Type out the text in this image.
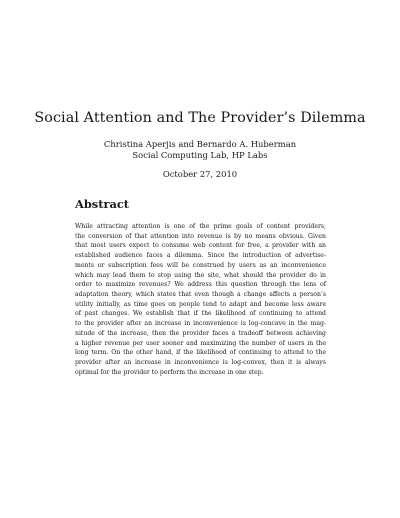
Social Attention and The Provider’s Dilemma
Christina Aperjis and Bernardo A. Huberman
Social Computing Lab, HP Labs
October 27, 2010
Abstract
While attracting attention is one of the prime goals of content providers,
the conversion of that attention into revenue is by no means obvious. Given
that most users expect to consume web content for free, a provider with an
established audience faces a dilemma. Since the introduction of advertise-
ments or subscription fees will be construed by users as an inconvenience
which may lead them to stop using the site, what should the provider do in
order to maximize revenues? We address this question through the lens of
adaptation theory, which states that even though a change affects a person’s
utility initially, as time goes on people tend to adapt and become less aware
of past changes. We establish that if the likelihood of continuing to attend
to the provider after an increase in inconvenience is log-concave in the mag-
nitude of the increase, then the provider faces a tradeoff between achieving
a higher revenue per user sooner and maximizing the number of users in the
long term. On the other hand, if the likelihood of continuing to attend to the
provider after an increase in inconvenience is log-convex, then it is always
optimal for the provider to perform the increase in one step.
